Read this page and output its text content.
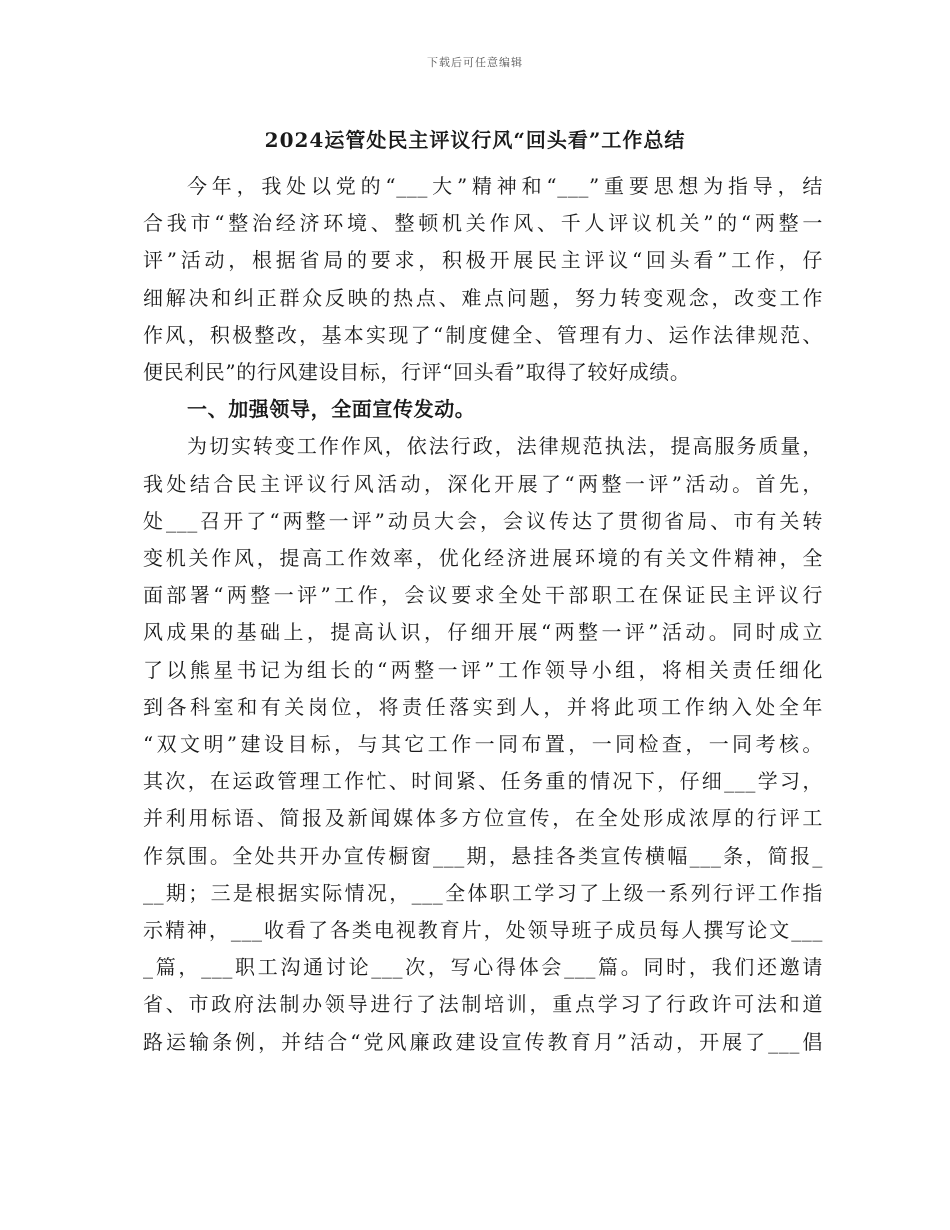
下载后可任意编辑
2024运管处民主评议行风“回头看”工作总结

今年，我处以党的“___大”精神和“___”重要思想为指导，结
合我市“整治经济环境、整顿机关作风、千人评议机关”的“两整一
评”活动，根据省局的要求，积极开展民主评议“回头看”工作，仔
细解决和纠正群众反映的热点、难点问题，努力转变观念，改变工作
作风，积极整改，基本实现了“制度健全、管理有力、运作法律规范、
便民利民”的行风建设目标，行评“回头看”取得了较好成绩。

一、加强领导，全面宣传发动。

为切实转变工作作风，依法行政，法律规范执法，提高服务质量，
我处结合民主评议行风活动，深化开展了“两整一评”活动。首先，
处___召开了“两整一评”动员大会，会议传达了贯彻省局、市有关转
变机关作风，提高工作效率，优化经济进展环境的有关文件精神，全
面部署“两整一评”工作，会议要求全处干部职工在保证民主评议行
风成果的基础上，提高认识，仔细开展“两整一评”活动。同时成立
了以熊星书记为组长的“两整一评”工作领导小组，将相关责任细化
到各科室和有关岗位，将责任落实到人，并将此项工作纳入处全年
“双文明”建设目标，与其它工作一同布置，一同检查，一同考核。
其次，在运政管理工作忙、时间紧、任务重的情况下，仔细___学习，
并利用标语、简报及新闻媒体多方位宣传，在全处形成浓厚的行评工
作氛围。全处共开办宣传橱窗___期，悬挂各类宣传横幅___条，简报_
__期；三是根据实际情况，___全体职工学习了上级一系列行评工作指
示精神，___收看了各类电视教育片，处领导班子成员每人撰写论文___
_篇，___职工沟通讨论___次，写心得体会___篇。同时，我们还邀请
省、市政府法制办领导进行了法制培训，重点学习了行政许可法和道
路运输条例，并结合“党风廉政建设宣传教育月”活动，开展了___倡
